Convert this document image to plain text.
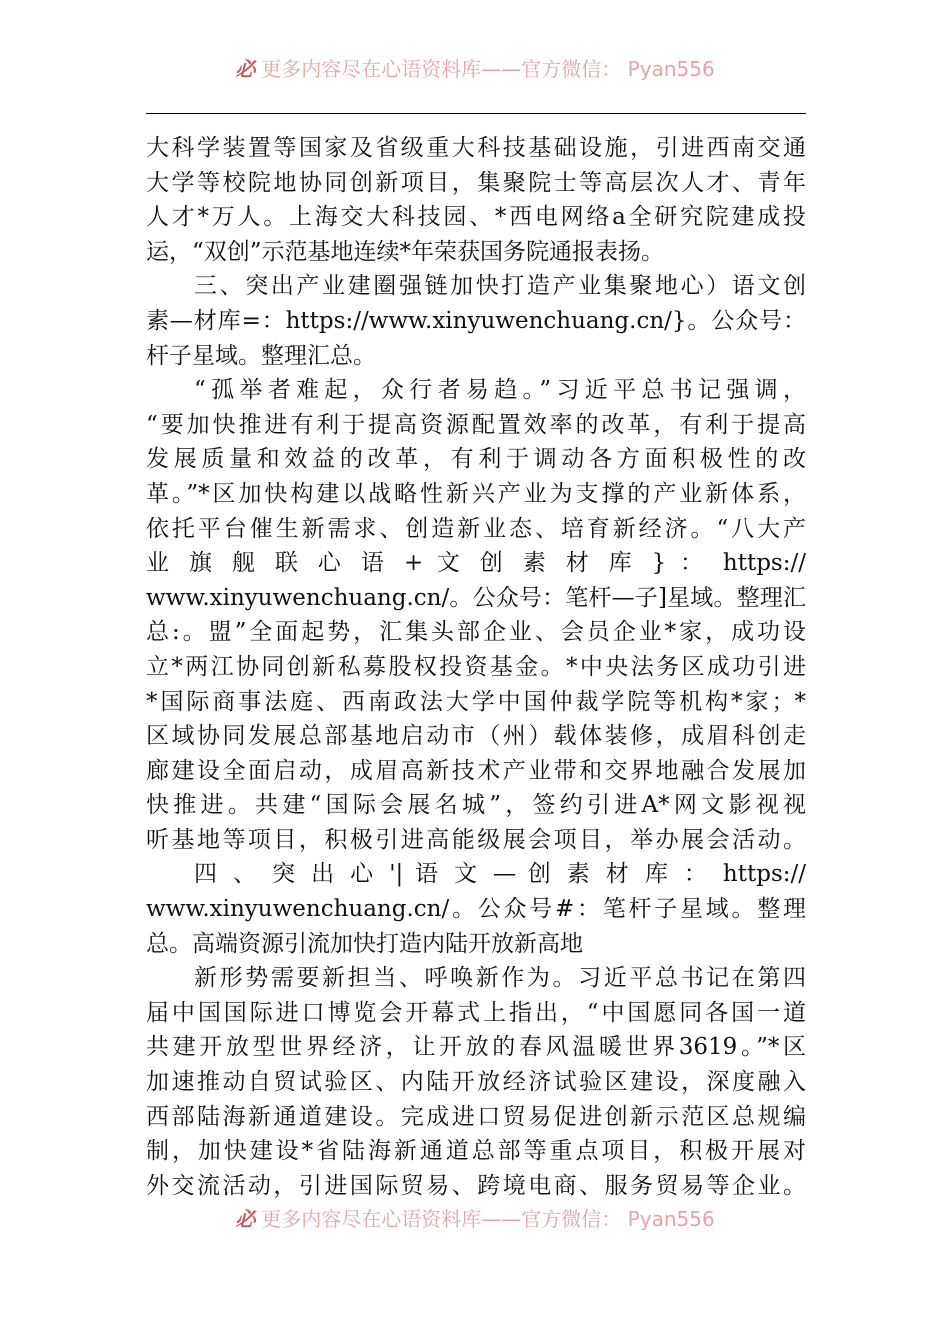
必 更多内容尽在心语资料库——官方微信： Pyan556
大科学装置等国家及省级重大科技基础设施，引进西南交通
大学等校院地协同创新项目，集聚院士等高层次人才、青年
人才*万人。上海交大科技园、*西电网络a全研究院建成投
运，“双创”示范基地连续*年荣获国务院通报表扬。
三、突出产业建圈强链加快打造产业集聚地心）语文创
素—材库=：https://www.xinyuwenchuang.cn/}。公众号：
杆子星域。整理汇总。
“孤举者难起，众行者易趋。”习近平总书记强调，
“要加快推进有利于提高资源配置效率的改革，有利于提高
发展质量和效益的改革，有利于调动各方面积极性的改
革。”*区加快构建以战略性新兴产业为支撑的产业新体系，
依托平台催生新需求、创造新业态、培育新经济。“八大产
业 旗 舰 联 心 语 + 文 创 素 材 库 } ： https://
www.xinyuwenchuang.cn/。公众号：笔杆—子]星域。整理汇
总:。盟”全面起势，汇集头部企业、会员企业*家，成功设
立*两江协同创新私募股权投资基金。*中央法务区成功引进
*国际商事法庭、西南政法大学中国仲裁学院等机构*家；*
区域协同发展总部基地启动市（州）载体装修，成眉科创走
廊建设全面启动，成眉高新技术产业带和交界地融合发展加
快推进。共建“国际会展名城”，签约引进A*网文影视视
听基地等项目，积极引进高能级展会项目，举办展会活动。
四 、 突 出 心 '| 语 文 — 创 素 材 库 ： https://
www.xinyuwenchuang.cn/。公众号#：笔杆子星域。整理
总。高端资源引流加快打造内陆开放新高地
新形势需要新担当、呼唤新作为。习近平总书记在第四
届中国国际进口博览会开幕式上指出，“中国愿同各国一道
共建开放型世界经济，让开放的春风温暖世界3619。”*区
加速推动自贸试验区、内陆开放经济试验区建设，深度融入
西部陆海新通道建设。完成进口贸易促进创新示范区总规编
制，加快建设*省陆海新通道总部等重点项目，积极开展对
外交流活动，引进国际贸易、跨境电商、服务贸易等企业。
必 更多内容尽在心语资料库——官方微信： Pyan556
